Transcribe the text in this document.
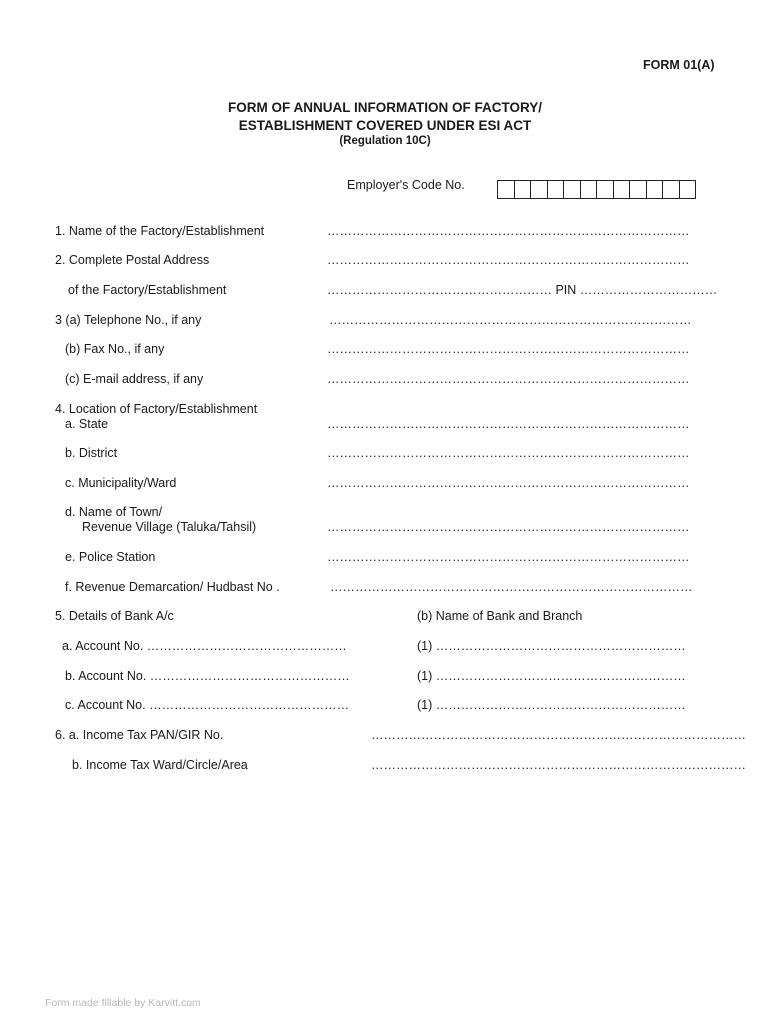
FORM 01(A)
FORM OF ANNUAL INFORMATION OF FACTORY/
ESTABLISHMENT COVERED UNDER ESI ACT
(Regulation 10C)
Employer's Code No.
1. Name of the Factory/Establishment	……………………………………………………………………………
2. Complete Postal Address	……………………………………………………………………………
of the Factory/Establishment	……………………………………………… PIN ……………………………
3 (a) Telephone No., if any	……………………………………………………………………………
(b) Fax No., if any	……………………………………………………………………………
(c) E-mail address, if any	……………………………………………………………………………
4. Location of Factory/Establishment
a. State	……………………………………………………………………………
b. District	……………………………………………………………………………
c. Municipality/Ward	……………………………………………………………………………
d. Name of Town/
Revenue Village (Taluka/Tahsil)	……………………………………………………………………………
e. Police Station	……………………………………………………………………………
f. Revenue Demarcation/ Hudbast No .	……………………………………………………………………………
5. Details of Bank A/c	(b) Name of Bank and Branch
a. Account No. …………………………………………	(1) ……………………………………………………
b. Account No. …………………………………………	(1) ……………………………………………………
c. Account No. …………………………………………	(1) ……………………………………………………
6. a. Income Tax PAN/GIR No.	………………………………………………………………………………
b. Income Tax Ward/Circle/Area	………………………………………………………………………………
Form made fillable by Karvitt.com
